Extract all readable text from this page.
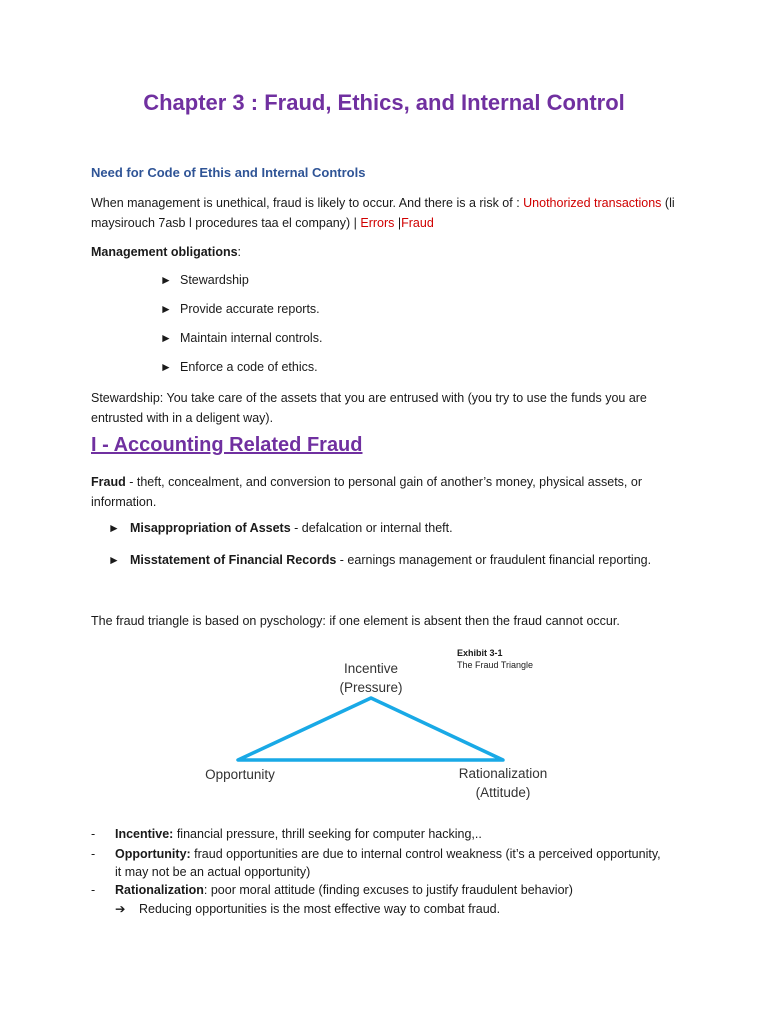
Chapter 3 : Fraud, Ethics, and Internal Control
Need for Code of Ethis and Internal Controls
When management is unethical, fraud is likely to occur. And there is a risk of : Unothorized transactions (li maysirouch 7asb l procedures taa el company) | Errors |Fraud
Management obligations:
► Stewardship
► Provide accurate reports.
► Maintain internal controls.
► Enforce a code of ethics.
Stewardship: You take care of the assets that you are entrused with (you try to use the funds you are entrusted with in a deligent way).
I - Accounting Related Fraud
Fraud - theft, concealment, and conversion to personal gain of another’s money, physical assets, or information.
► Misappropriation of Assets - defalcation or internal theft.
► Misstatement of Financial Records - earnings management or fraudulent financial reporting.
The fraud triangle is based on pyschology: if one element is absent then the fraud cannot occur.
Exhibit 3-1
The Fraud Triangle
Incentive
(Pressure)
Opportunity	Rationalization
(Attitude)
- Incentive: financial pressure, thrill seeking for computer hacking,..
- Opportunity: fraud opportunities are due to internal control weakness (it’s a perceived opportunity,
it may not be an actual opportunity)
- Rationalization: poor moral attitude (finding excuses to justify fraudulent behavior)
➔ Reducing opportunities is the most effective way to combat fraud.
